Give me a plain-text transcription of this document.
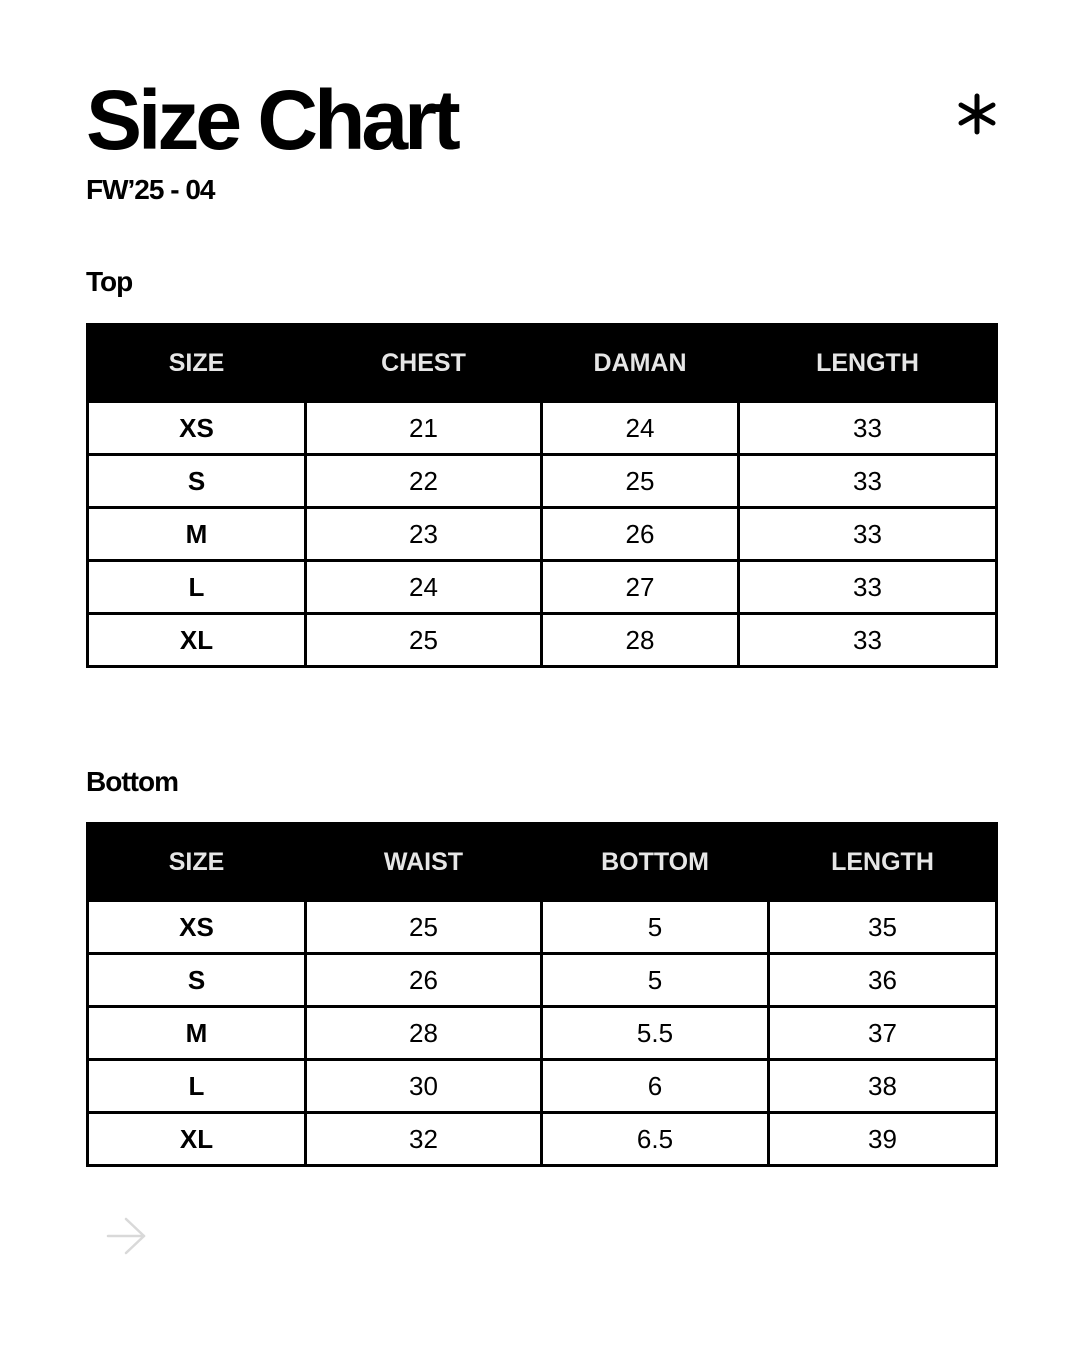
Size Chart
FW’25 - 04
Top
SIZE	CHEST	DAMAN	LENGTH
XS	21	24	33
S	22	25	33
M	23	26	33
L	24	27	33
XL	25	28	33
Bottom
SIZE	WAIST	BOTTOM	LENGTH
XS	25	5	35
S	26	5	36
M	28	5.5	37
L	30	6	38
XL	32	6.5	39
